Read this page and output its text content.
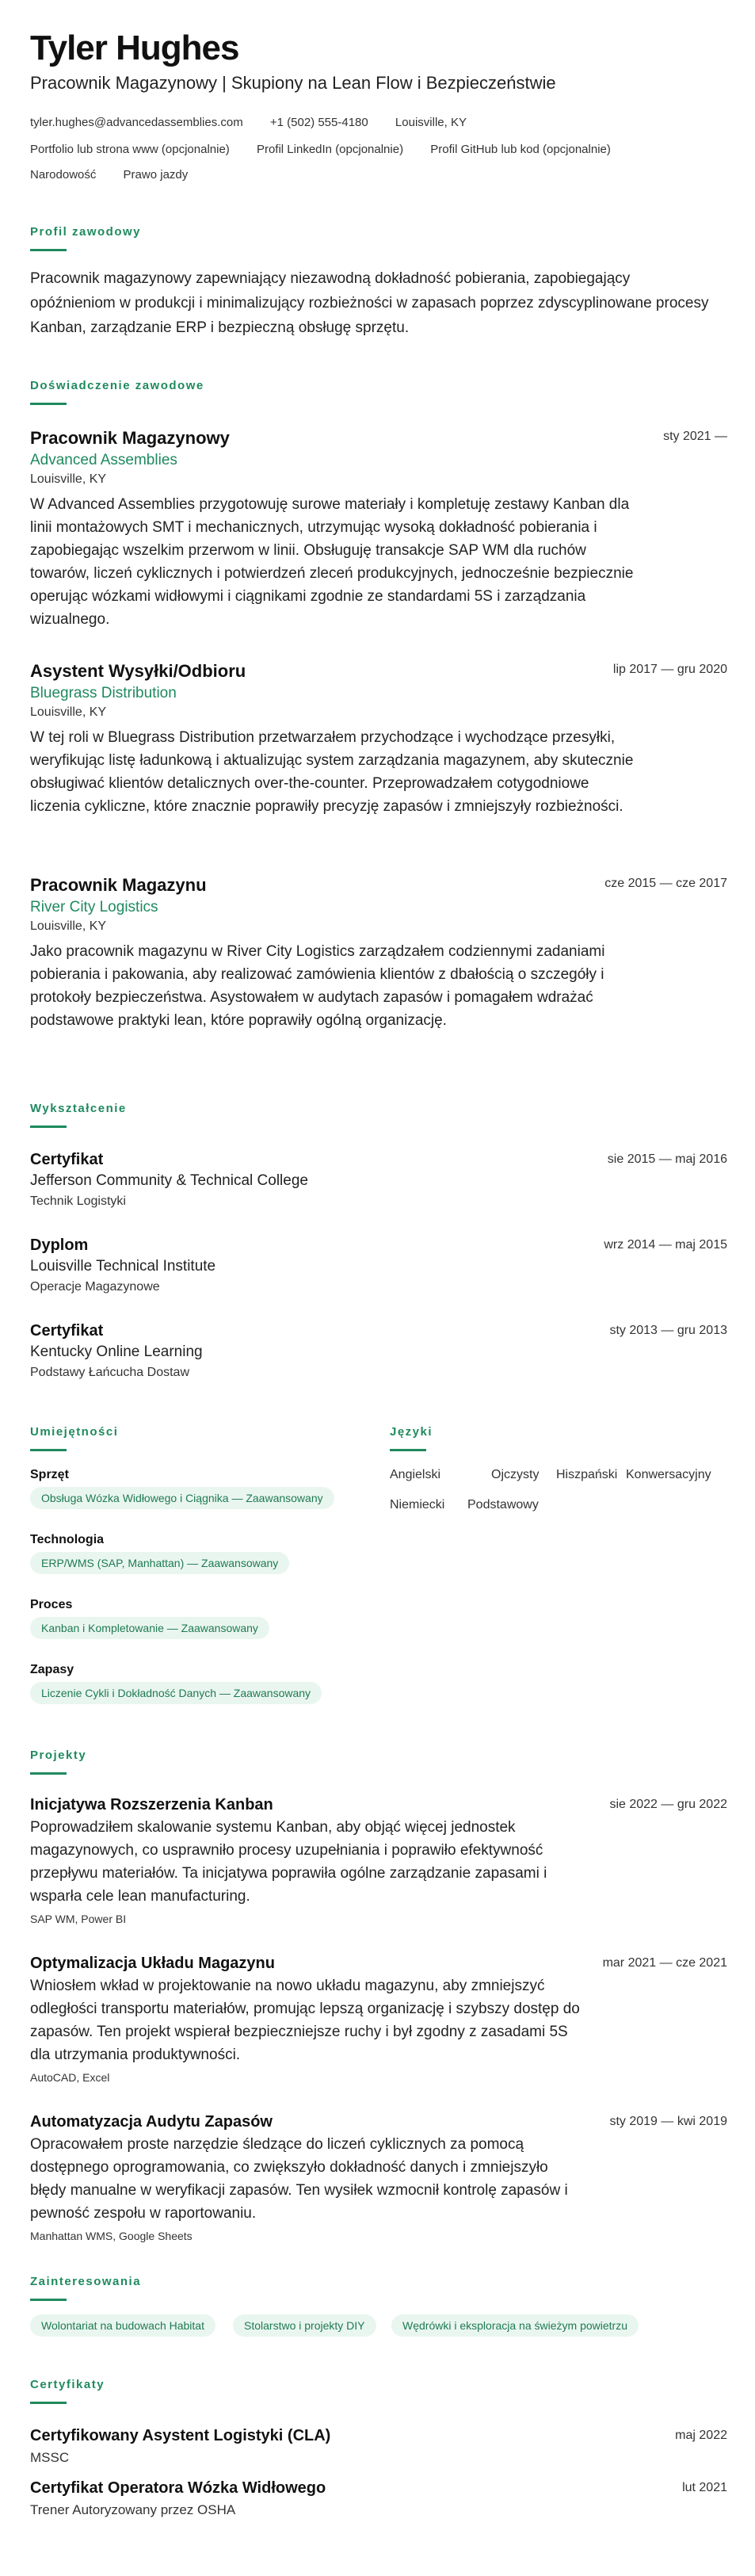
Tyler Hughes
Pracownik Magazynowy | Skupiony na Lean Flow i Bezpieczeństwie
tyler.hughes@advancedassemblies.com +1 (502) 555-4180 Louisville, KY
Portfolio lub strona www (opcjonalnie) Profil LinkedIn (opcjonalnie) Profil GitHub lub kod (opcjonalnie)
Narodowość Prawo jazdy
Profil zawodowy
Pracownik magazynowy zapewniający niezawodną dokładność pobierania, zapobiegający opóźnieniom w produkcji i minimalizujący rozbieżności w zapasach poprzez zdyscyplinowane procesy Kanban, zarządzanie ERP i bezpieczną obsługę sprzętu.
Doświadczenie zawodowe
Pracownik Magazynowy	sty 2021 —
Advanced Assemblies
Louisville, KY
W Advanced Assemblies przygotowuję surowe materiały i kompletuję zestawy Kanban dla linii montażowych SMT i mechanicznych, utrzymując wysoką dokładność pobierania i zapobiegając wszelkim przerwom w linii. Obsługuję transakcje SAP WM dla ruchów towarów, liczeń cyklicznych i potwierdzeń zleceń produkcyjnych, jednocześnie bezpiecznie operując wózkami widłowymi i ciągnikami zgodnie ze standardami 5S i zarządzania wizualnego.
Asystent Wysyłki/Odbioru	lip 2017 — gru 2020
Bluegrass Distribution
Louisville, KY
W tej roli w Bluegrass Distribution przetwarzałem przychodzące i wychodzące przesyłki, weryfikując listę ładunkową i aktualizując system zarządzania magazynem, aby skutecznie obsługiwać klientów detalicznych over-the-counter. Przeprowadzałem cotygodniowe liczenia cykliczne, które znacznie poprawiły precyzję zapasów i zmniejszyły rozbieżności.
Pracownik Magazynu	cze 2015 — cze 2017
River City Logistics
Louisville, KY
Jako pracownik magazynu w River City Logistics zarządzałem codziennymi zadaniami pobierania i pakowania, aby realizować zamówienia klientów z dbałością o szczegóły i protokoły bezpieczeństwa. Asystowałem w audytach zapasów i pomagałem wdrażać podstawowe praktyki lean, które poprawiły ogólną organizację.
Wykształcenie
Certyfikat	sie 2015 — maj 2016
Jefferson Community & Technical College
Technik Logistyki
Dyplom	wrz 2014 — maj 2015
Louisville Technical Institute
Operacje Magazynowe
Certyfikat	sty 2013 — gru 2013
Kentucky Online Learning
Podstawy Łańcucha Dostaw
Umiejętności
Sprzęt
Obsługa Wózka Widłowego i Ciągnika — Zaawansowany
Technologia
ERP/WMS (SAP, Manhattan) — Zaawansowany
Proces
Kanban i Kompletowanie — Zaawansowany
Zapasy
Liczenie Cykli i Dokładność Danych — Zaawansowany
Języki
Angielski	Ojczysty Hiszpański Konwersacyjny
Niemiecki Podstawowy
Projekty
Inicjatywa Rozszerzenia Kanban	sie 2022 — gru 2022
Poprowadziłem skalowanie systemu Kanban, aby objąć więcej jednostek magazynowych, co usprawniło procesy uzupełniania i poprawiło efektywność przepływu materiałów. Ta inicjatywa poprawiła ogólne zarządzanie zapasami i wsparła cele lean manufacturing.
SAP WM, Power BI
Optymalizacja Układu Magazynu	mar 2021 — cze 2021
Wniosłem wkład w projektowanie na nowo układu magazynu, aby zmniejszyć odległości transportu materiałów, promując lepszą organizację i szybszy dostęp do zapasów. Ten projekt wspierał bezpieczniejsze ruchy i był zgodny z zasadami 5S dla utrzymania produktywności.
AutoCAD, Excel
Automatyzacja Audytu Zapasów	sty 2019 — kwi 2019
Opracowałem proste narzędzie śledzące do liczeń cyklicznych za pomocą dostępnego oprogramowania, co zwiększyło dokładność danych i zmniejszyło błędy manualne w weryfikacji zapasów. Ten wysiłek wzmocnił kontrolę zapasów i pewność zespołu w raportowaniu.
Manhattan WMS, Google Sheets
Zainteresowania
Wolontariat na budowach Habitat	Stolarstwo i projekty DIY	Wędrówki i eksploracja na świeżym powietrzu
Certyfikaty
Certyfikowany Asystent Logistyki (CLA)	maj 2022
MSSC
Certyfikat Operatora Wózka Widłowego	lut 2021
Trener Autoryzowany przez OSHA
